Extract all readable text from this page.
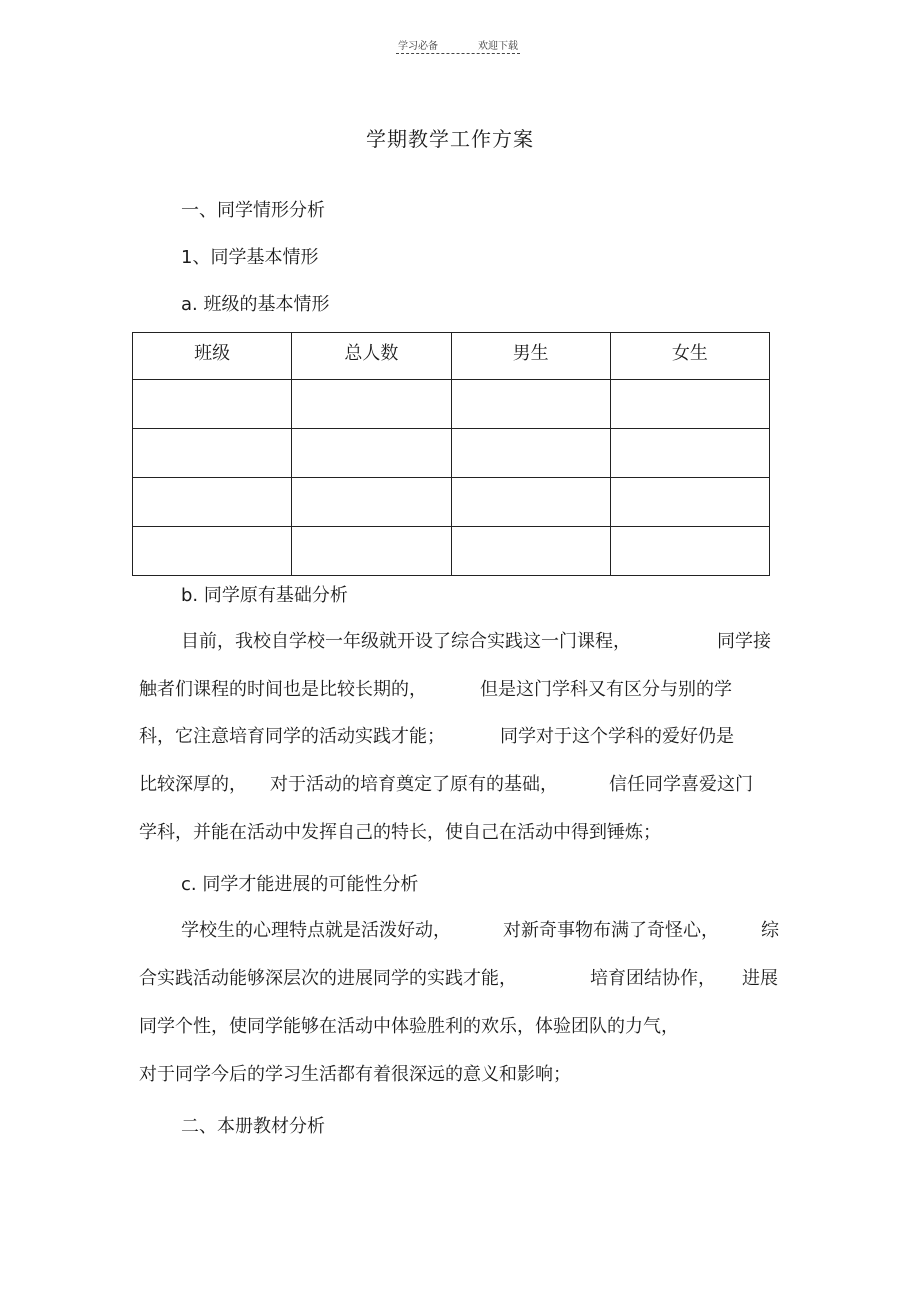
学习必备	欢迎下载
学期教学工作方案
一、同学情形分析
1、同学基本情形
a. 班级的基本情形
班级	总人数	男生	女生

b. 同学原有基础分析
目前，我校自学校一年级就开设了综合实践这一门课程，	同学接
触者们课程的时间也是比较长期的，	但是这门学科又有区分与别的学
科，它注意培育同学的活动实践才能；	同学对于这个学科的爱好仍是
比较深厚的， 对于活动的培育奠定了原有的基础，	信任同学喜爱这门
学科，并能在活动中发挥自己的特长，使自己在活动中得到锤炼；
c. 同学才能进展的可能性分析
学校生的心理特点就是活泼好动，	对新奇事物布满了奇怪心， 综
合实践活动能够深层次的进展同学的实践才能，	培育团结协作， 进展
同学个性，使同学能够在活动中体验胜利的欢乐，体验团队的力气，
对于同学今后的学习生活都有着很深远的意义和影响；
二、本册教材分析
